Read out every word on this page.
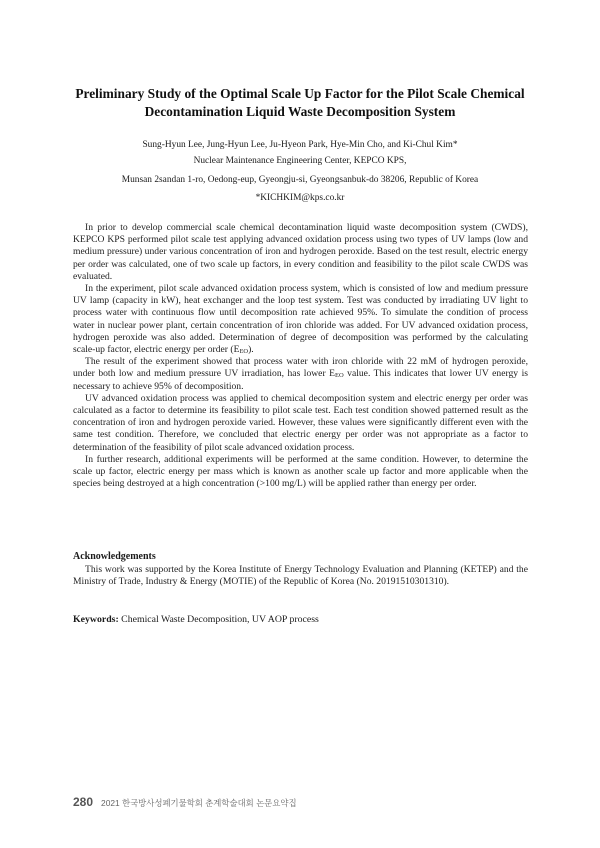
Preliminary Study of the Optimal Scale Up Factor for the Pilot Scale Chemical
Decontamination Liquid Waste Decomposition System
Sung-Hyun Lee, Jung-Hyun Lee, Ju-Hyeon Park, Hye-Min Cho, and Ki-Chul Kim*
Nuclear Maintenance Engineering Center, KEPCO KPS,
Munsan 2sandan 1-ro, Oedong-eup, Gyeongju-si, Gyeongsanbuk-do 38206, Republic of Korea
*KICHKIM@kps.co.kr

In prior to develop commercial scale chemical decontamination liquid waste decomposition system (CWDS), KEPCO KPS performed pilot scale test applying advanced oxidation process using two types of UV lamps (low and medium pressure) under various concentration of iron and hydrogen peroxide. Based on the test result, electric energy per order was calculated, one of two scale up factors, in every condition and feasibility to the pilot scale CWDS was evaluated.

In the experiment, pilot scale advanced oxidation process system, which is consisted of low and medium pressure UV lamp (capacity in kW), heat exchanger and the loop test system. Test was conducted by irradiating UV light to process water with continuous flow until decomposition rate achieved 95%. To simulate the condition of process water in nuclear power plant, certain concentration of iron chloride was added. For UV advanced oxidation process, hydrogen peroxide was also added. Determination of degree of decomposition was performed by the calculating scale-up factor, electric energy per order $(E_{EO})$.

The result of the experiment showed that process water with iron chloride with 22 mM of hydrogen peroxide, under both low and medium pressure UV irradiation, has lower $E_{EO}$ value. This indicates that lower UV energy is necessary to achieve 95% of decomposition.

UV advanced oxidation process was applied to chemical decomposition system and electric energy per order was calculated as a factor to determine its feasibility to pilot scale test. Each test condition showed patterned result as the concentration of iron and hydrogen peroxide varied. However, these values were significantly different even with the same test condition. Therefore, we concluded that electric energy per order was not appropriate as a factor to determination of the feasibility of pilot scale advanced oxidation process.

In further research, additional experiments will be performed at the same condition. However, to determine the scale up factor, electric energy per mass which is known as another scale up factor and more applicable when the species being destroyed at a high concentration (>100 mg/L) will be applied rather than energy per order.

Acknowledgements

This work was supported by the Korea Institute of Energy Technology Evaluation and Planning (KETEP) and the Ministry of Trade, Industry & Energy (MOTIE) of the Republic of Korea (No. 20191510301310).

Keywords: Chemical Waste Decomposition, UV AOP process
280 2021 한국방사성폐기물학회 춘계학술대회 논문요약집
